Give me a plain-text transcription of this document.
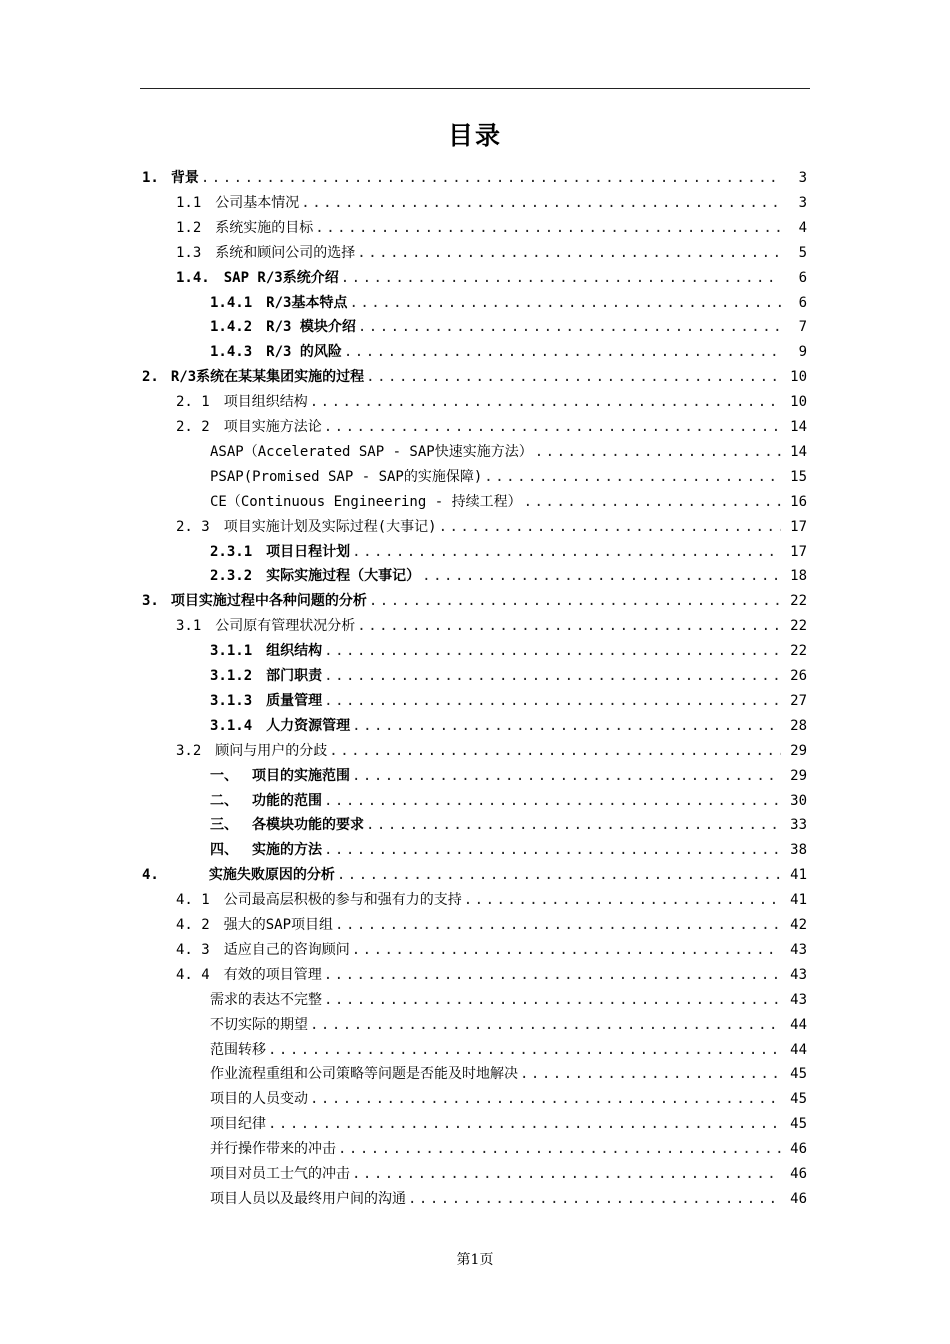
目录
1. 背景 .....	3
1.1 公司基本情况 .....	3
1.2 系统实施的目标 .....	4
1.3 系统和顾问公司的选择 .....	5
1.4. SAP R/3系统介绍 .....	6
1.4.1 R/3基本特点 .....	6
1.4.2 R/3 模块介绍 .....	7
1.4.3 R/3 的风险 .....	9
2. R/3系统在某某集团实施的过程 .....	10
2. 1 项目组织结构 .....	10
2. 2 项目实施方法论 .....	14
ASAP（Accelerated SAP - SAP快速实施方法） .....	14
PSAP(Promised SAP - SAP的实施保障) .....	15
CE（Continuous Engineering - 持续工程） .....	16
2. 3 项目实施计划及实际过程(大事记) .....	17
2.3.1 项目日程计划 .....	17
2.3.2 实际实施过程（大事记） .....	18
3. 项目实施过程中各种问题的分析 .....	22
3.1 公司原有管理状况分析 .....	22
3.1.1 组织结构 .....	22
3.1.2 部门职责 .....	26
3.1.3 质量管理 .....	27
3.1.4 人力资源管理 .....	28
3.2 顾问与用户的分歧 .....	29
一、 项目的实施范围 .....	29
二、 功能的范围 .....	30
三、 各模块功能的要求 .....	33
四、 实施的方法 .....	38
4.	实施失败原因的分析 .....	41
4. 1 公司最高层积极的参与和强有力的支持 .....	41
4. 2 强大的SAP项目组 .....	42
4. 3 适应自己的咨询顾问 .....	43
4. 4 有效的项目管理 .....	43
需求的表达不完整 .....	43
不切实际的期望 .....	44
范围转移 .....	44
作业流程重组和公司策略等问题是否能及时地解决 .....	45
项目的人员变动 .....	45
项目纪律 .....	45
并行操作带来的冲击 .....	46
项目对员工士气的冲击 .....	46
项目人员以及最终用户间的沟通 .....	46
第1页
